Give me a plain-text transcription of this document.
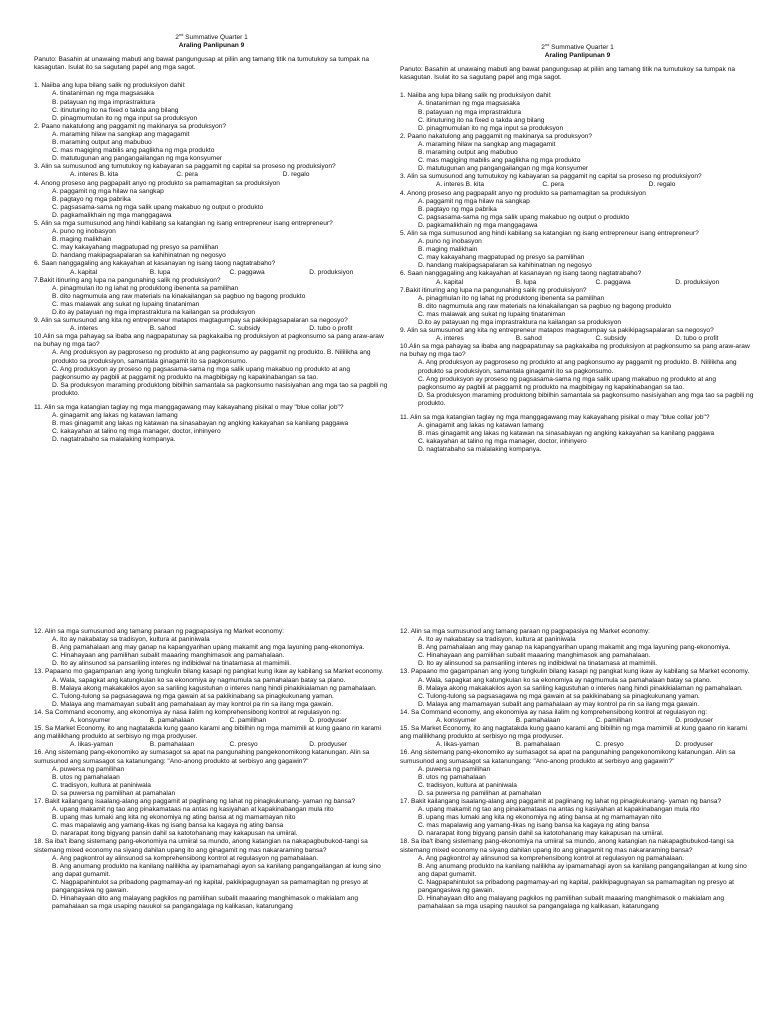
2nd Summative Quarter 1
Araling Panlipunan 9
Panuto: Basahin at unawaing mabuti ang bawat pangungusap at piliin ang tamang titik na tumutukoy sa tumpak na kasagutan. Isulat ito sa sagutang papel ang mga sagot.
1. Naiiba ang lupa bilang salik ng produksiyon dahil:
A. tinatanirnan ng mga magsasaka
B. patayuan ng mga imprastraktura
C. itinuturing ito na fixed o takda ang bilang
D. pinagmumulan ito ng mga input sa produksyon
2. Paano nakatulong ang paggamit ng makinarya sa produksyon?
A. maraming hilaw na sangkap ang magagamit
B. maraming output ang mabubuo
C. mas magiging mabilis ang paglikha ng mga produkto
D. matutugunan ang pangangailangan ng mga konsyumer
3. Alin sa sumusunod ang tumutukoy ng kabayaran sa paggamit ng capital sa proseso ng produksiyon?
A. interes B. kita	C. pera	D. regalo
4. Anong proseso ang pagpapalit anyo ng produkto sa pamamagitan sa produksiyon
A. paggamit ng mga hilaw na sangkap
B. pagtayo ng mga pabrika
C. pagsasama-sama ng mga salik upang makabuo ng output o produkto
D. pagkamalikhain ng mga manggagawa
5. Alin sa mga sumusunod ang hindi kabilang sa katangian ng isang entrepreneur isang entrepreneur?
A. puno ng inobasyon
B. maging malikhain
C. may kakayahang magpatupad ng presyo sa pamilihan
D. handang makipagsapalaran sa kahihinatnan ng negosyo
6. Saan nanggagaling ang kakayahan at kasanayan ng isang taong nagtatrabaho?
A. kapital	B. lupa	C. paggawa	D. produksiyon
7.Bakit itinuring ang lupa na pangunahing salik ng produksiyon?
A. pinagmulan ito ng lahat ng produktong ibenenta sa pamilihan
B. dito nagmumula ang raw materials na kinakailangan sa pagbuo ng bagong produkto
C. mas malawak ang sukat ng lupaing tinataniman
D.ito ay patayuan ng mga imprastraktura na kailangan sa produksyon
9. Alin sa sumusunod ang kita ng entrepreneur matapos magtagumpay sa pakikipagsapalaran sa negosyo?
A. interes	B. sahod	C. subsidy	D. tubo o profit
10.Alin sa mga pahayag sa ibaba ang nagpapatunay sa pagkakaiba ng produksiyon at pagkonsumo sa pang araw-araw na buhay ng mga tao?
A. Ang produksyon ay pagproseso ng produkto at ang pagkonsumo ay paggamit ng produkto. B. Nililikha ang produkto sa produksiyon, samantala ginagamit ito sa pagkonsumo.
C. Ang produksyon ay proseso ng pagsasama-sama ng mga salik upang makabuo ng produkto at ang pagkonsumo ay pagbili at paggamit ng produkto na magbibigay ng kapakinabangan sa tao.
D. Sa produksyon maraming produktong bibilhin samantala sa pagkonsumo nasisiyahan ang mga tao sa pagbili ng produkto.
11. Alin sa mga katangian taglay ng mga manggagawang may kakayahang pisikal o may "blue collar job"?
A. ginagamit ang lakas ng katawan lamang
B. mas ginagamit ang lakas ng katawan na sinasabayan ng angking kakayahan sa kanilang paggawa
C. kakayahan at talino ng mga manager, doctor, inhinyero
D. nagtatrabaho sa malalaking kompanya.
2nd Summative Quarter 1
Araling Panlipunan 9
Panuto: Basahin at unawaing mabuti ang bawat pangungusap at piliin ang tamang titik na tumutukoy sa tumpak na kasagutan. Isulat ito sa sagutang papel ang mga sagot.
1. Naiiba ang lupa bilang salik ng produksiyon dahil:
A. tinatanirnan ng mga magsasaka
B. patayuan ng mga imprastraktura
C. itinuturing ito na fixed o takda ang bilang
D. pinagmumulan ito ng mga input sa produksyon
2. Paano nakatulong ang paggamit ng makinarya sa produksyon?
A. maraming hilaw na sangkap ang magagamit
B. maraming output ang mabubuo
C. mas magiging mabilis ang paglikha ng mga produkto
D. matutugunan ang pangangailangan ng mga konsyumer
3. Alin sa sumusunod ang tumutukoy ng kabayaran sa paggamit ng capital sa proseso ng produksiyon?
A. interes B. kita	C. pera	D. regalo
4. Anong proseso ang pagpapalit anyo ng produkto sa pamamagitan sa produksiyon
A. paggamit ng mga hilaw na sangkap
B. pagtayo ng mga pabrika
C. pagsasama-sama ng mga salik upang makabuo ng output o produkto
D. pagkamalikhain ng mga manggagawa
5. Alin sa mga sumusunod ang hindi kabilang sa katangian ng isang entrepreneur isang entrepreneur?
A. puno ng inobasyon
B. maging malikhain
C. may kakayahang magpatupad ng presyo sa pamilihan
D. handang makipagsapalaran sa kahihinatnan ng negosyo
6. Saan nanggagaling ang kakayahan at kasanayan ng isang taong nagtatrabaho?
A. kapital	B. lupa	C. paggawa	D. produksiyon
7.Bakit itinuring ang lupa na pangunahing salik ng produksiyon?
A. pinagmulan ito ng lahat ng produktong ibenenta sa pamilihan
B. dito nagmumula ang raw materials na kinakailangan sa pagbuo ng bagong produkto
C. mas malawak ang sukat ng lupaing tinataniman
D.ito ay patayuan ng mga imprastraktura na kailangan sa produksyon
9. Alin sa sumusunod ang kita ng entrepreneur matapos magtagumpay sa pakikipagsapalaran sa negosyo?
A. interes	B. sahod	C. subsidy	D. tubo o profit
10.Alin sa mga pahayag sa ibaba ang nagpapatunay sa pagkakaiba ng produksiyon at pagkonsumo sa pang araw-araw na buhay ng mga tao?
A. Ang produksyon ay pagproseso ng produkto at ang pagkonsumo ay paggamit ng produkto. B. Nililikha ang produkto sa produksiyon, samantala ginagamit ito sa pagkonsumo.
C. Ang produksyon ay proseso ng pagsasama-sama ng mga salik upang makabuo ng produkto at ang pagkonsumo ay pagbili at paggamit ng produkto na magbibigay ng kapakinabangan sa tao.
D. Sa produksyon maraming produktong bibilhin samantala sa pagkonsumo nasisiyahan ang mga tao sa pagbili ng produkto.
11. Alin sa mga katangian taglay ng mga manggagawang may kakayahang pisikal o may "blue collar job"?
A. ginagamit ang lakas ng katawan lamang
B. mas ginagamit ang lakas ng katawan na sinasabayan ng angking kakayahan sa kanilang paggawa
C. kakayahan at talino ng mga manager, doctor, inhinyero
D. nagtatrabaho sa malalaking kompanya.
12. Alin sa mga sumusunod ang tamang paraan ng pagpapasiya ng Market economy:
A. Ito ay nakabatay sa tradisyon, kultura at paniniwala
B. Ang pamahalaan ang may ganap na kapangyarihan upang makamit ang mga layuning pang-ekonomiya.
C. Hinahayaan ang pamilihan subalit maaaring manghimasok ang pamahalaan.
D. Ito ay alinsunod sa pansariling interes ng indibidwal na tinatamasa at mamimili.
13. Papaano mo gagampanan ang iyong tungkulin bilang kasapi ng pangkat kung ikaw ay kabilang sa Market economy.
A. Wala, sapagkat ang katungkulan ko sa ekonomiya ay nagmumula sa pamahalaan batay sa plano.
B. Malaya akong makakakilos ayon sa sariling kagustuhan o interes nang hindi pinakikialaman ng pamahalaan.
C. Tulong-tulong sa pagsasagawa ng mga gawain at sa pakikinabang sa pinagkukunang yaman.
D. Malaya ang mamamayan subalit ang pamahalaan ay may kontrol pa rin sa ilang mga gawain.
14. Sa Command economy, ang ekonomiya ay nasa ilalim ng komprehensibong kontrol at regulasyon ng:
A. konsyumer	B. pamahalaan	C. pamilihan	D. prodyuser
15. Sa Market Economy, ito ang nagtatakda kung gaano karami ang bibilhin ng mga mamimili at kung gaano rin karami ang malilikhang produkto at serbisyo ng mga prodyuser.
A. likas-yaman	B. pamahalaan	C. presyo	D. prodyuser
16. Ang sistemang pang-ekonomiko ay sumasagot sa apat na pangunahing pangekonomikong katanungan. Alin sa sumusunod ang sumasagot sa katanungang: "Ano-anong produkto at serbisyo ang gagawin?"
A. puwersa ng pamilihan
B. utos ng pamahalaan
C. tradisyon, kultura at paniniwala
D. sa puwersa ng pamilihan at pamahalan
17. Bakit kailangang isaalang-alang ang paggamit at paglinang ng lahat ng pinagkukunang- yaman ng bansa?
A. upang makamit ng tao ang pinakamataas na antas ng kasiyahan at kapakinabangan mula rito
B. upang mas lumaki ang kita ng ekonomiya ng ating bansa at ng mamamayan nito
C. mas mapalawig ang yamang-likas ng isang bansa ka kagaya ng ating bansa
D. nararapat itong bigyang pansin dahil sa katotohanang may kakapusan na umiiral.
18. Sa iba't ibang sistemang pang-ekonomiya na umiiral sa mundo, anong katangian na nakapagbubukod-tangi sa sistemang mixed economy na siyang dahilan upang ito ang ginagamit ng mas nakararaming bansa?
A. Ang pagkontrol ay alinsunod sa komprehensibong kontrol at regulasyon ng pamahalaan.
B. Ang anumang produkto na kanilang nalilikha ay ipamamahagi ayon sa kanilang pangangailangan at kung sino ang dapat gumamit.
C. Nagpapahintulot sa pribadong pagmamay-ari ng kapital, pakikipagugnayan sa pamamagitan ng presyo at pangangasiwa ng gawain.
D. Hinahayaan dito ang malayang pagkilos ng pamilihan subalit maaaring manghimasok o makialam ang pamahalaan sa mga usaping nauukol sa pangangalaga ng kalikasan, katarungang
12. Alin sa mga sumusunod ang tamang paraan ng pagpapasiya ng Market economy:
A. Ito ay nakabatay sa tradisyon, kultura at paniniwala
B. Ang pamahalaan ang may ganap na kapangyarihan upang makamit ang mga layuning pang-ekonomiya.
C. Hinahayaan ang pamilihan subalit maaaring manghimasok ang pamahalaan.
D. Ito ay alinsunod sa pansariling interes ng indibidwal na tinatamasa at mamimili.
13. Papaano mo gagampanan ang iyong tungkulin bilang kasapi ng pangkat kung ikaw ay kabilang sa Market economy.
A. Wala, sapagkat ang katungkulan ko sa ekonomiya ay nagmumula sa pamahalaan batay sa plano.
B. Malaya akong makakakilos ayon sa sariling kagustuhan o interes nang hindi pinakikialaman ng pamahalaan.
C. Tulong-tulong sa pagsasagawa ng mga gawain at sa pakikinabang sa pinagkukunang yaman.
D. Malaya ang mamamayan subalit ang pamahalaan ay may kontrol pa rin sa ilang mga gawain.
14. Sa Command economy, ang ekonomiya ay nasa ilalim ng komprehensibong kontrol at regulasyon ng:
A. konsyumer	B. pamahalaan	C. pamilihan	D. prodyuser
15. Sa Market Economy, ito ang nagtatakda kung gaano karami ang bibilhin ng mga mamimili at kung gaano rin karami ang malilikhang produkto at serbisyo ng mga prodyuser.
A. likas-yaman	B. pamahalaan	C. presyo	D. prodyuser
16. Ang sistemang pang-ekonomiko ay sumasagot sa apat na pangunahing pangekonomikong katanungan. Alin sa sumusunod ang sumasagot sa katanungang: "Ano-anong produkto at serbisyo ang gagawin?"
A. puwersa ng pamilihan
B. utos ng pamahalaan
C. tradisyon, kultura at paniniwala
D. sa puwersa ng pamilihan at pamahalan
17. Bakit kailangang isaalang-alang ang paggamit at paglinang ng lahat ng pinagkukunang- yaman ng bansa?
A. upang makamit ng tao ang pinakamataas na antas ng kasiyahan at kapakinabangan mula rito
B. upang mas lumaki ang kita ng ekonomiya ng ating bansa at ng mamamayan nito
C. mas mapalawig ang yamang-likas ng isang bansa ka kagaya ng ating bansa
D. nararapat itong bigyang pansin dahil sa katotohanang may kakapusan na umiiral.
18. Sa iba't ibang sistemang pang-ekonomiya na umiiral sa mundo, anong katangian na nakapagbubukod-tangi sa sistemang mixed economy na siyang dahilan upang ito ang ginagamit ng mas nakararaming bansa?
A. Ang pagkontrol ay alinsunod sa komprehensibong kontrol at regulasyon ng pamahalaan.
B. Ang anumang produkto na kanilang nalilikha ay ipamamahagi ayon sa kanilang pangangailangan at kung sino ang dapat gumamit.
C. Nagpapahintulot sa pribadong pagmamay-ari ng kapital, pakikipagugnayan sa pamamagitan ng presyo at pangangasiwa ng gawain.
D. Hinahayaan dito ang malayang pagkilos ng pamilihan subalit maaaring manghimasok o makialam ang pamahalaan sa mga usaping nauukol sa pangangalaga ng kalikasan, katarungang
